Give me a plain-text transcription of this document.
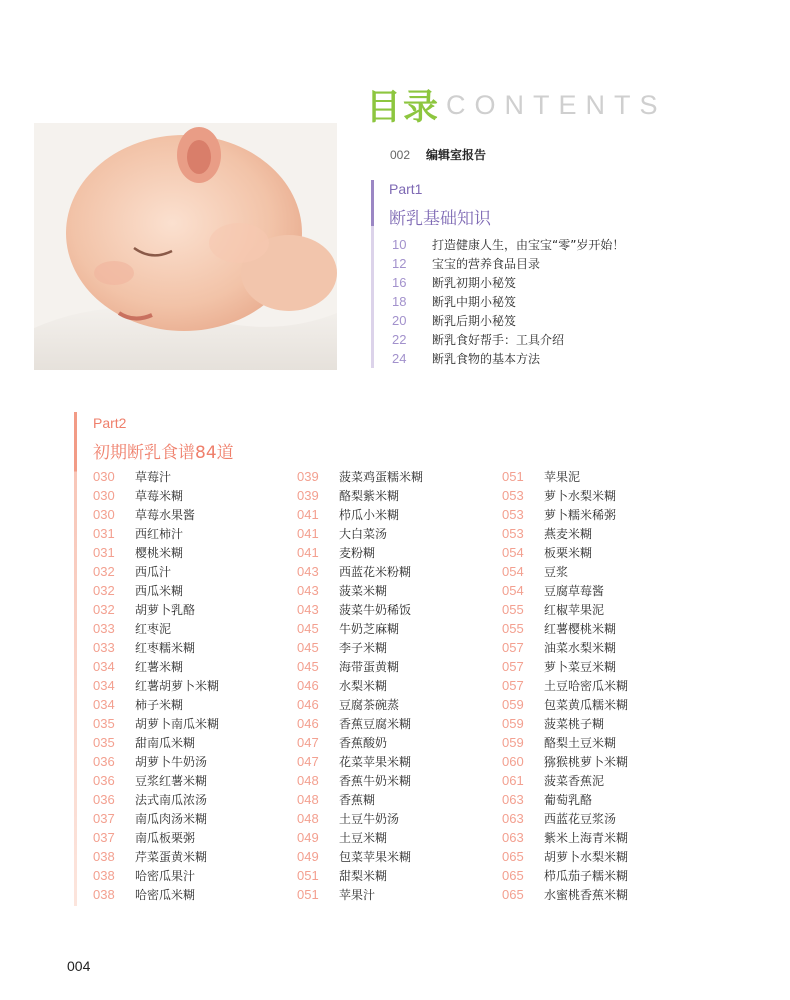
目录 CONTENTS
002 编辑室报告
Part1
断乳基础知识
10 打造健康人生，由宝宝“零”岁开始！
12 宝宝的营养食品目录
16 断乳初期小秘笈
18 断乳中期小秘笈
20 断乳后期小秘笈
22 断乳食好帮手：工具介绍
24 断乳食物的基本方法
Part2
初期断乳食谱84道
030 草莓汁
030 草莓米糊
030 草莓水果酱
031 西红柿汁
031 樱桃米糊
032 西瓜汁
032 西瓜米糊
032 胡萝卜乳酪
033 红枣泥
033 红枣糯米糊
034 红薯米糊
034 红薯胡萝卜米糊
034 柿子米糊
035 胡萝卜南瓜米糊
035 甜南瓜米糊
036 胡萝卜牛奶汤
036 豆浆红薯米糊
036 法式南瓜浓汤
037 南瓜肉汤米糊
037 南瓜板栗粥
038 芹菜蛋黄米糊
038 哈密瓜果汁
038 哈密瓜米糊
039 菠菜鸡蛋糯米糊
039 酪梨紫米糊
041 栉瓜小米糊
041 大白菜汤
041 麦粉糊
043 西蓝花米粉糊
043 菠菜米糊
043 菠菜牛奶稀饭
045 牛奶芝麻糊
045 李子米糊
045 海带蛋黄糊
046 水梨米糊
046 豆腐茶碗蒸
046 香蕉豆腐米糊
047 香蕉酸奶
047 花菜苹果米糊
048 香蕉牛奶米糊
048 香蕉糊
048 土豆牛奶汤
049 土豆米糊
049 包菜苹果米糊
051 甜梨米糊
051 苹果汁
051 苹果泥
053 萝卜水梨米糊
053 萝卜糯米稀粥
053 燕麦米糊
054 板栗米糊
054 豆浆
054 豆腐草莓酱
055 红椒苹果泥
055 红薯樱桃米糊
057 油菜水梨米糊
057 萝卜菜豆米糊
057 土豆哈密瓜米糊
059 包菜黄瓜糯米糊
059 菠菜桃子糊
059 酪梨土豆米糊
060 猕猴桃萝卜米糊
061 菠菜香蕉泥
063 葡萄乳酪
063 西蓝花豆浆汤
063 紫米上海青米糊
065 胡萝卜水梨米糊
065 栉瓜茄子糯米糊
065 水蜜桃香蕉米糊
004
